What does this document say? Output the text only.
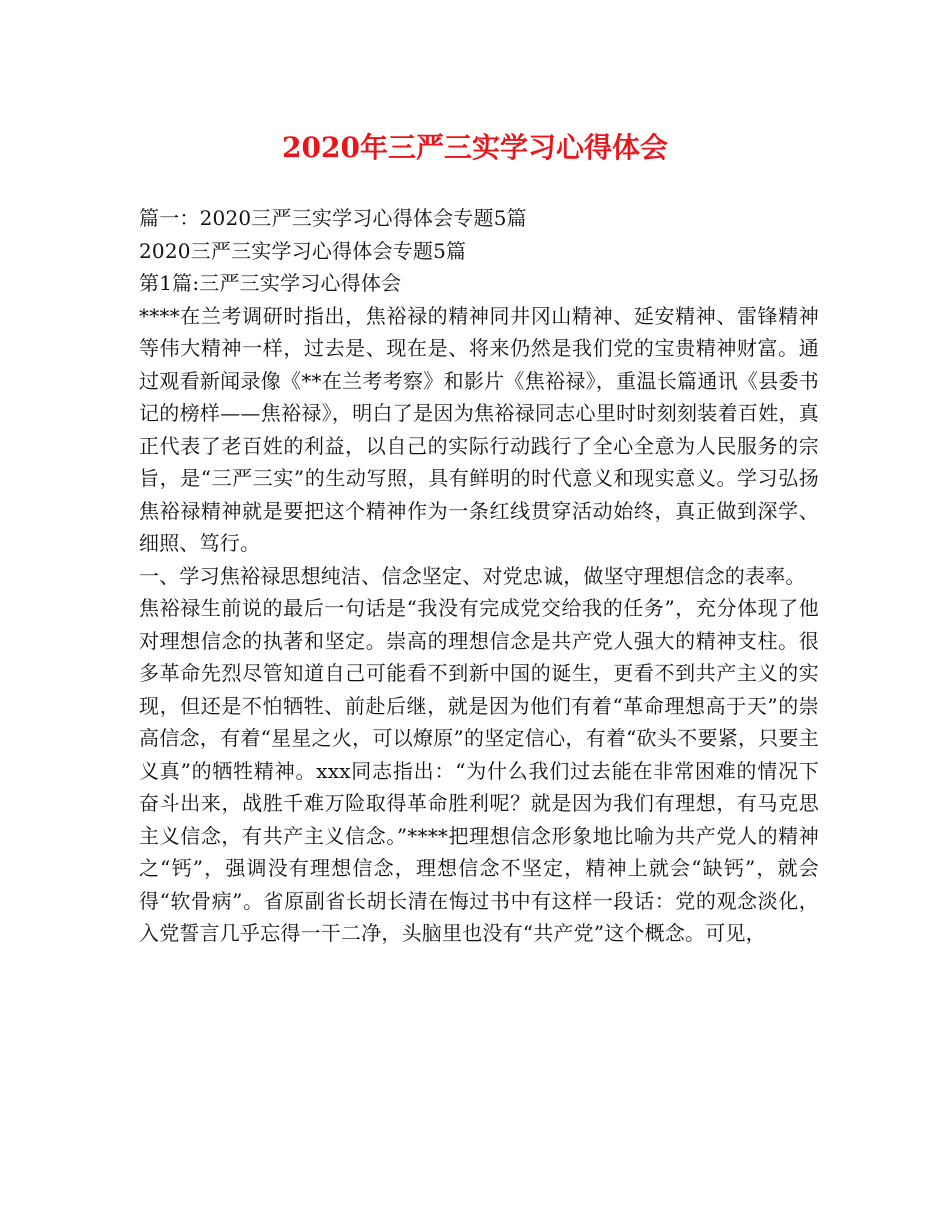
2020年三严三实学习心得体会

篇一：2020三严三实学习心得体会专题5篇

2020三严三实学习心得体会专题5篇

第1篇:三严三实学习心得体会

****在兰考调研时指出，焦裕禄的精神同井冈山精神、延安精神、雷锋精神等伟大精神一样，过去是、现在是、将来仍然是我们党的宝贵精神财富。通过观看新闻录像《**在兰考考察》和影片《焦裕禄》，重温长篇通讯《县委书记的榜样——焦裕禄》，明白了是因为焦裕禄同志心里时时刻刻装着百姓，真正代表了老百姓的利益，以自己的实际行动践行了全心全意为人民服务的宗旨，是“三严三实”的生动写照，具有鲜明的时代意义和现实意义。学习弘扬焦裕禄精神就是要把这个精神作为一条红线贯穿活动始终，真正做到深学、细照、笃行。

一、学习焦裕禄思想纯洁、信念坚定、对党忠诚，做坚守理想信念的表率。

焦裕禄生前说的最后一句话是“我没有完成党交给我的任务”，充分体现了他对理想信念的执著和坚定。崇高的理想信念是共产党人强大的精神支柱。很多革命先烈尽管知道自己可能看不到新中国的诞生，更看不到共产主义的实现，但还是不怕牺牲、前赴后继，就是因为他们有着“革命理想高于天”的崇高信念，有着“星星之火，可以燎原”的坚定信心，有着“砍头不要紧，只要主义真”的牺牲精神。xxx同志指出：“为什么我们过去能在非常困难的情况下奋斗出来，战胜千难万险取得革命胜利呢？就是因为我们有理想，有马克思主义信念，有共产主义信念。”****把理想信念形象地比喻为共产党人的精神之“钙”，强调没有理想信念，理想信念不坚定，精神上就会“缺钙”，就会得“软骨病”。省原副省长胡长清在悔过书中有这样一段话：党的观念淡化，入党誓言几乎忘得一干二净，头脑里也没有“共产党”这个概念。可见，
